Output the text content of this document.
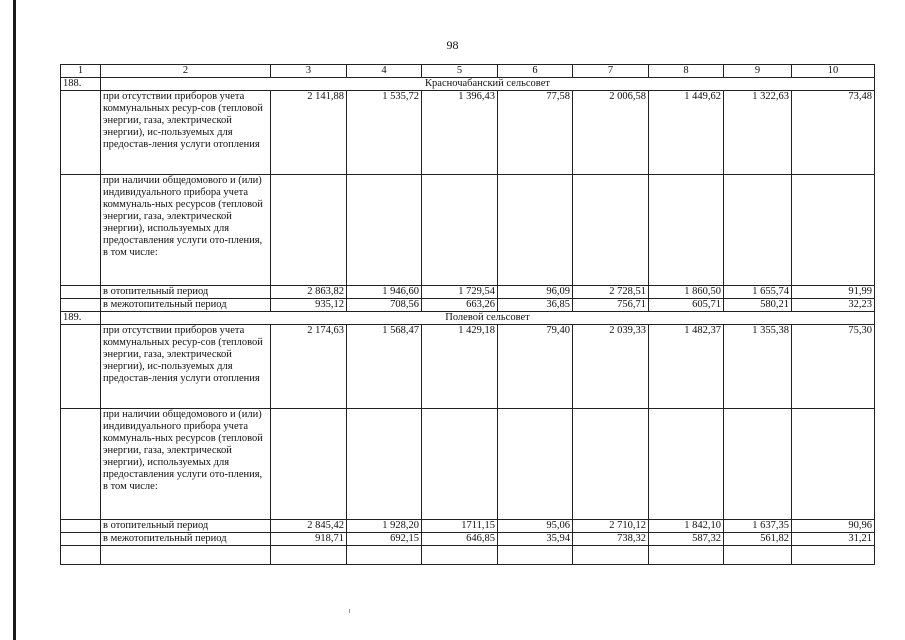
98
1	2	3	4	5	6	7	8	9	10
188.	Красночабанский сельсовет								
	при отсутствии приборов учета коммунальных ресур-сов (тепловой энергии, газа, электрической энергии), ис-пользуемых для предостав-ления услуги отопления	2 141,88	1 535,72	1 396,43	77,58	2 006,58	1 449,62	1 322,63	73,48
	при наличии общедомового и (или) индивидуального прибора учета коммуналь-ных ресурсов (тепловой энергии, газа, электрической энергии), используемых для предоставления услуги ото-пления, в том числе:								
	в отопительный период	2 863,82	1 946,60	1 729,54	96,09	2 728,51	1 860,50	1 655,74	91,99
	в межотопительный период	935,12	708,56	663,26	36,85	756,71	605,71	580,21	32,23
189.	Полевой сельсовет								
	при отсутствии приборов учета коммунальных ресур-сов (тепловой энергии, газа, электрической энергии), ис-пользуемых для предостав-ления услуги отопления	2 174,63	1 568,47	1 429,18	79,40	2 039,33	1 482,37	1 355,38	75,30
	при наличии общедомового и (или) индивидуального прибора учета коммуналь-ных ресурсов (тепловой энергии, газа, электрической энергии), используемых для предоставления услуги ото-пления, в том числе:								
	в отопительный период	2 845,42	1 928,20	1711,15	95,06	2 710,12	1 842,10	1 637,35	90,96
	в межотопительный период	918,71	692,15	646,85	35,94	738,32	587,32	561,82	31,21
